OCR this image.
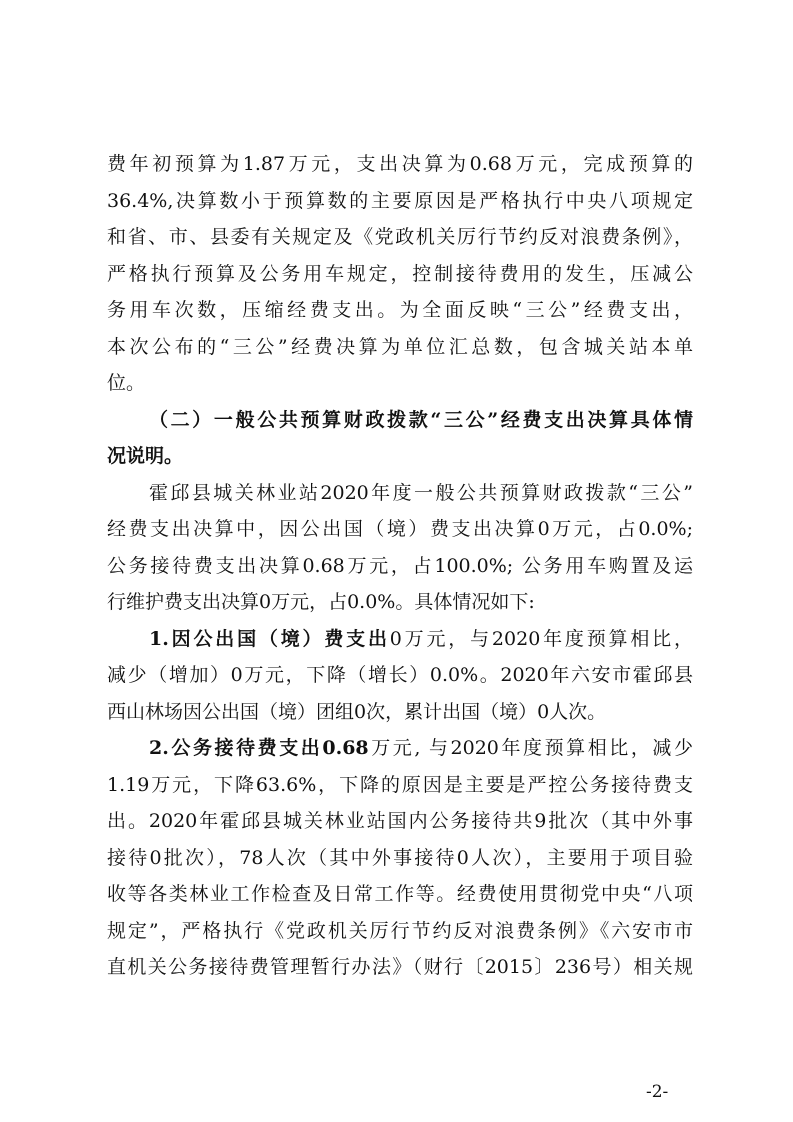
费年初预算为1.87万元，支出决算为0.68万元，完成预算的
36.4%,决算数小于预算数的主要原因是严格执行中央八项规定
和省、市、县委有关规定及《党政机关厉行节约反对浪费条例》，
严格执行预算及公务用车规定，控制接待费用的发生，压减公
务用车次数，压缩经费支出。为全面反映“三公”经费支出，
本次公布的“三公”经费决算为单位汇总数，包含城关站本单
位。
（二）一般公共预算财政拨款“三公”经费支出决算具体情
况说明。
霍邱县城关林业站2020年度一般公共预算财政拨款“三公”
经费支出决算中，因公出国（境）费支出决算0万元，占0.0%;
公务接待费支出决算0.68万元，占100.0%; 公务用车购置及运
行维护费支出决算0万元，占0.0%。具体情况如下:
1.因公出国（境）费支出0万元，与2020年度预算相比，
减少（增加）0万元，下降（增长）0.0%。2020年六安市霍邱县
西山林场因公出国（境）团组0次，累计出国（境）0人次。
2.公务接待费支出0.68万元, 与2020年度预算相比，减少
1.19万元，下降63.6%，下降的原因是主要是严控公务接待费支
出。2020年霍邱县城关林业站国内公务接待共9批次（其中外事
接待0批次），78人次（其中外事接待0人次），主要用于项目验
收等各类林业工作检查及日常工作等。经费使用贯彻党中央“八项
规定”，严格执行《党政机关厉行节约反对浪费条例》《六安市市
直机关公务接待费管理暂行办法》（财行〔2015〕236号）相关规
-2-
